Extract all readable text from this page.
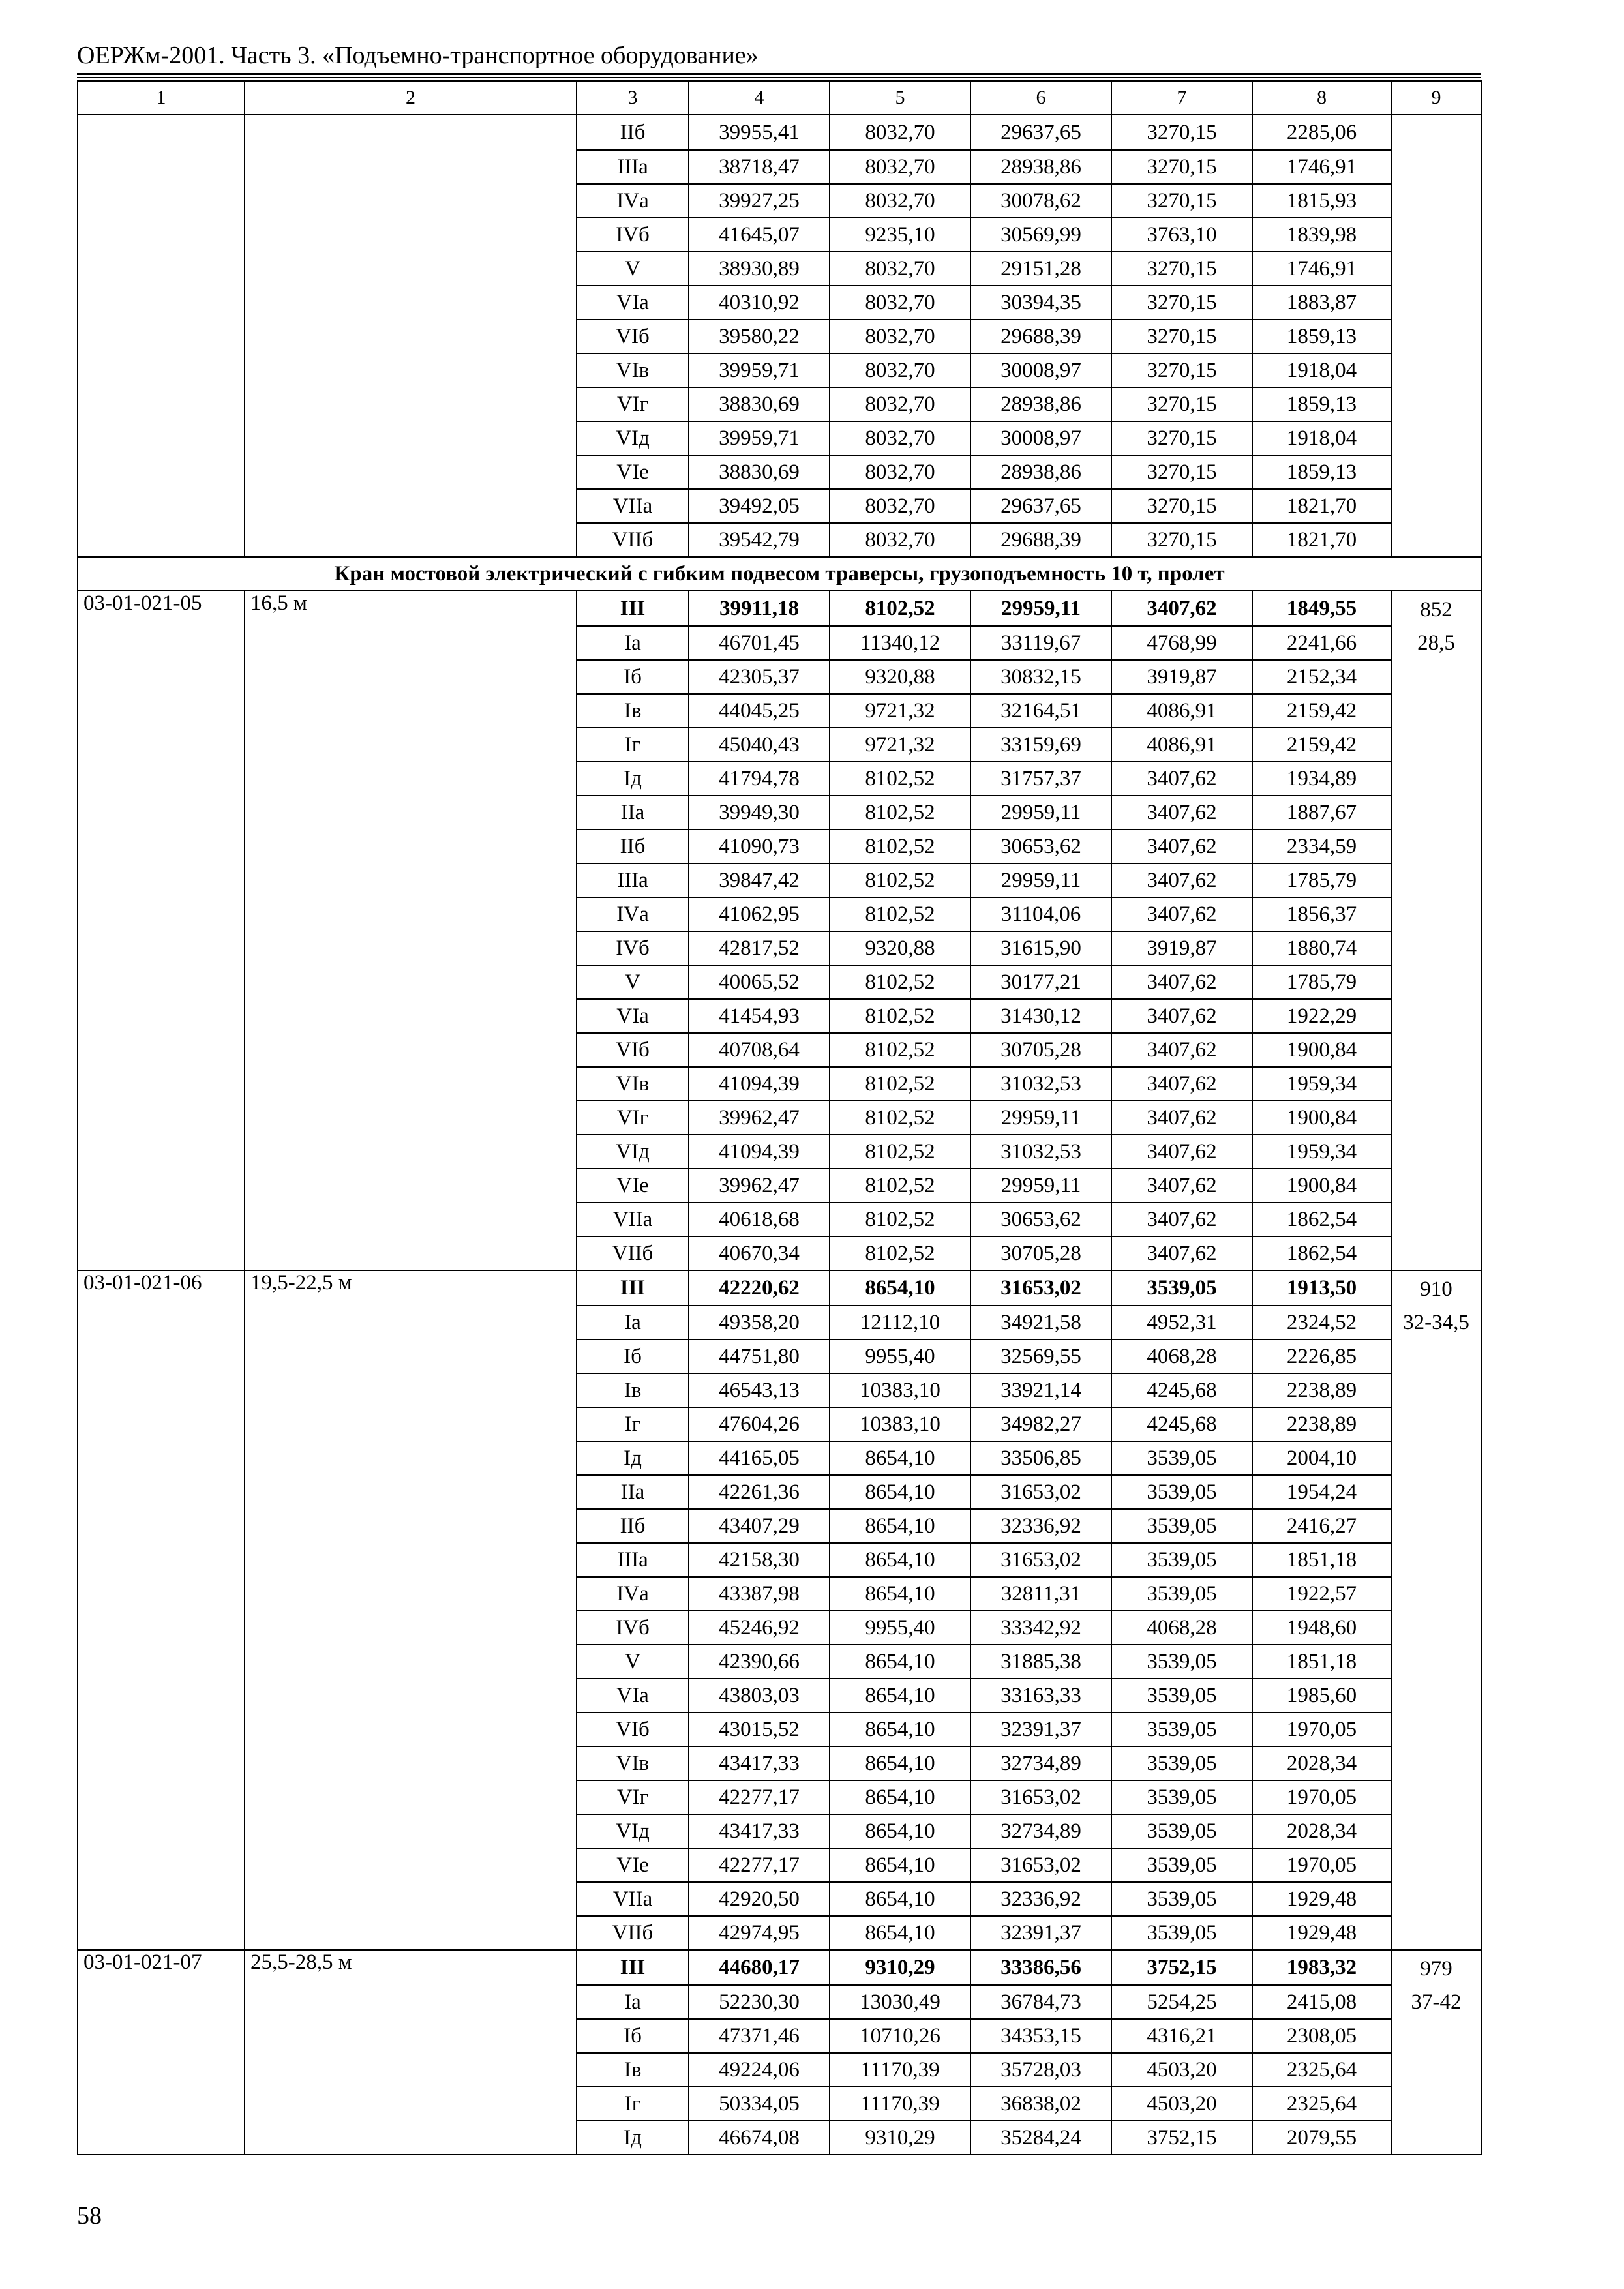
ОЕРЖм-2001. Часть 3. «Подъемно-транспортное оборудование»
1	2	3	4	5	6	7	8	9
		IIб	39955,41	8032,70	29637,65	3270,15	2285,06	
		IIIа	38718,47	8032,70	28938,86	3270,15	1746,91	
		IVа	39927,25	8032,70	30078,62	3270,15	1815,93	
		IVб	41645,07	9235,10	30569,99	3763,10	1839,98	
		V	38930,89	8032,70	29151,28	3270,15	1746,91	
		VIа	40310,92	8032,70	30394,35	3270,15	1883,87	
		VIб	39580,22	8032,70	29688,39	3270,15	1859,13	
		VIв	39959,71	8032,70	30008,97	3270,15	1918,04	
		VIг	38830,69	8032,70	28938,86	3270,15	1859,13	
		VIд	39959,71	8032,70	30008,97	3270,15	1918,04	
		VIе	38830,69	8032,70	28938,86	3270,15	1859,13	
		VIIа	39492,05	8032,70	29637,65	3270,15	1821,70	
		VIIб	39542,79	8032,70	29688,39	3270,15	1821,70	
Кран мостовой электрический с гибким подвесом траверсы, грузоподъемность 10 т, пролет								
03-01-021-05	16,5 м	III	39911,18	8102,52	29959,11	3407,62	1849,55	852
		Iа	46701,45	11340,12	33119,67	4768,99	2241,66	28,5
		Iб	42305,37	9320,88	30832,15	3919,87	2152,34	
		Iв	44045,25	9721,32	32164,51	4086,91	2159,42	
		Iг	45040,43	9721,32	33159,69	4086,91	2159,42	
		Iд	41794,78	8102,52	31757,37	3407,62	1934,89	
		IIа	39949,30	8102,52	29959,11	3407,62	1887,67	
		IIб	41090,73	8102,52	30653,62	3407,62	2334,59	
		IIIа	39847,42	8102,52	29959,11	3407,62	1785,79	
		IVа	41062,95	8102,52	31104,06	3407,62	1856,37	
		IVб	42817,52	9320,88	31615,90	3919,87	1880,74	
		V	40065,52	8102,52	30177,21	3407,62	1785,79	
		VIа	41454,93	8102,52	31430,12	3407,62	1922,29	
		VIб	40708,64	8102,52	30705,28	3407,62	1900,84	
		VIв	41094,39	8102,52	31032,53	3407,62	1959,34	
		VIг	39962,47	8102,52	29959,11	3407,62	1900,84	
		VIд	41094,39	8102,52	31032,53	3407,62	1959,34	
		VIе	39962,47	8102,52	29959,11	3407,62	1900,84	
		VIIа	40618,68	8102,52	30653,62	3407,62	1862,54	
		VIIб	40670,34	8102,52	30705,28	3407,62	1862,54	
03-01-021-06	19,5-22,5 м	III	42220,62	8654,10	31653,02	3539,05	1913,50	910
		Iа	49358,20	12112,10	34921,58	4952,31	2324,52	32-34,5
		Iб	44751,80	9955,40	32569,55	4068,28	2226,85	
		Iв	46543,13	10383,10	33921,14	4245,68	2238,89	
		Iг	47604,26	10383,10	34982,27	4245,68	2238,89	
		Iд	44165,05	8654,10	33506,85	3539,05	2004,10	
		IIа	42261,36	8654,10	31653,02	3539,05	1954,24	
		IIб	43407,29	8654,10	32336,92	3539,05	2416,27	
		IIIа	42158,30	8654,10	31653,02	3539,05	1851,18	
		IVа	43387,98	8654,10	32811,31	3539,05	1922,57	
		IVб	45246,92	9955,40	33342,92	4068,28	1948,60	
		V	42390,66	8654,10	31885,38	3539,05	1851,18	
		VIа	43803,03	8654,10	33163,33	3539,05	1985,60	
		VIб	43015,52	8654,10	32391,37	3539,05	1970,05	
		VIв	43417,33	8654,10	32734,89	3539,05	2028,34	
		VIг	42277,17	8654,10	31653,02	3539,05	1970,05	
		VIд	43417,33	8654,10	32734,89	3539,05	2028,34	
		VIе	42277,17	8654,10	31653,02	3539,05	1970,05	
		VIIа	42920,50	8654,10	32336,92	3539,05	1929,48	
		VIIб	42974,95	8654,10	32391,37	3539,05	1929,48	
03-01-021-07	25,5-28,5 м	III	44680,17	9310,29	33386,56	3752,15	1983,32	979
		Iа	52230,30	13030,49	36784,73	5254,25	2415,08	37-42
		Iб	47371,46	10710,26	34353,15	4316,21	2308,05	
		Iв	49224,06	11170,39	35728,03	4503,20	2325,64	
		Iг	50334,05	11170,39	36838,02	4503,20	2325,64	
		Iд	46674,08	9310,29	35284,24	3752,15	2079,55	
58
